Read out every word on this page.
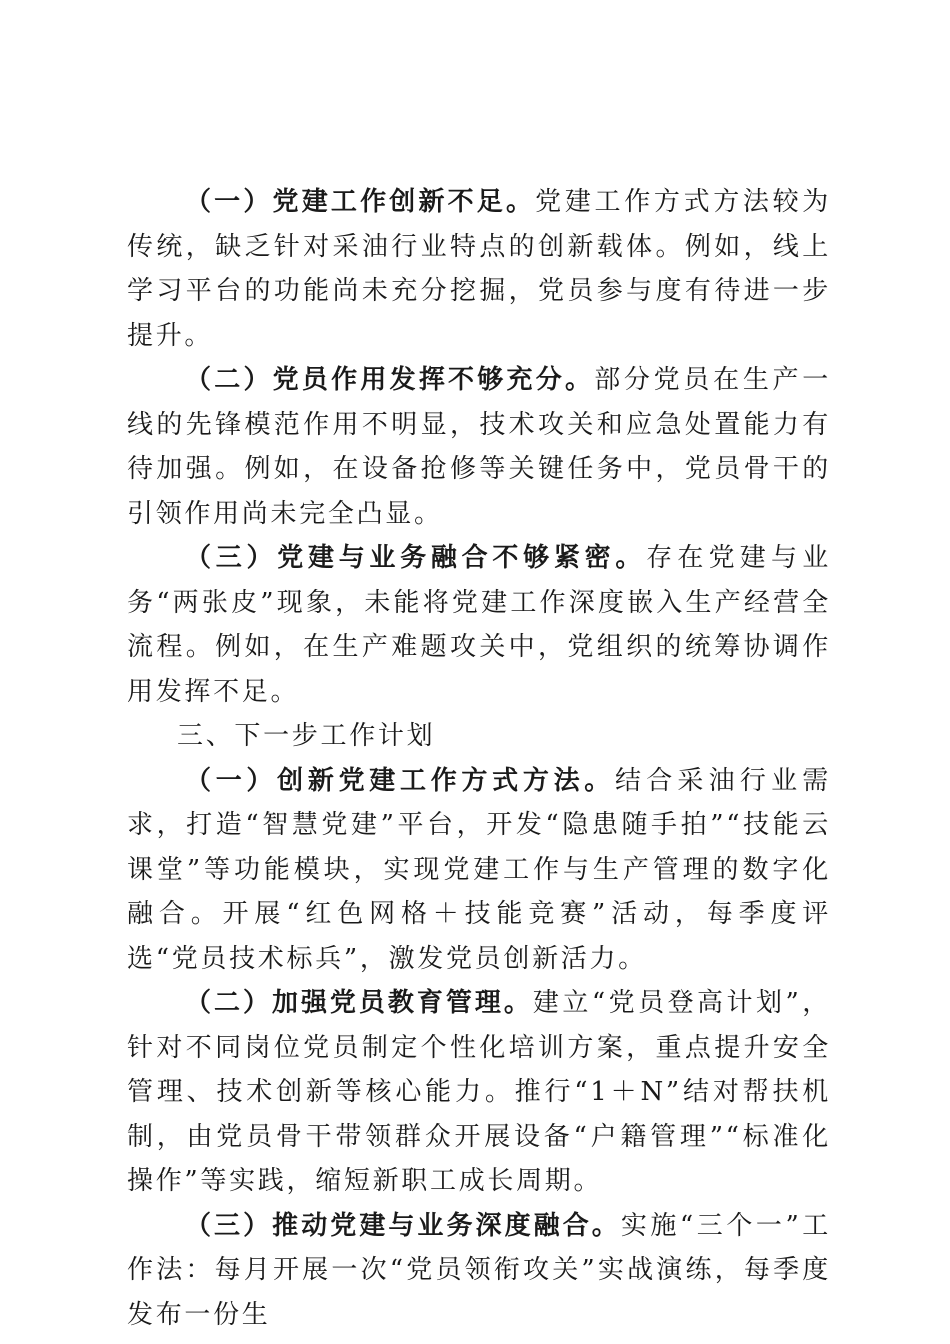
（一）党建工作创新不足。党建工作方式方法较为传统，缺乏针对采油行业特点的创新载体。例如，线上学习平台的功能尚未充分挖掘，党员参与度有待进一步提升。

（二）党员作用发挥不够充分。部分党员在生产一线的先锋模范作用不明显，技术攻关和应急处置能力有待加强。例如，在设备抢修等关键任务中，党员骨干的引领作用尚未完全凸显。

（三）党建与业务融合不够紧密。存在党建与业务“两张皮”现象，未能将党建工作深度嵌入生产经营全流程。例如，在生产难题攻关中，党组织的统筹协调作用发挥不足。

三、下一步工作计划

（一）创新党建工作方式方法。结合采油行业需求，打造“智慧党建”平台，开发“隐患随手拍”“技能云课堂”等功能模块，实现党建工作与生产管理的数字化融合。开展“红色网格＋技能竞赛”活动，每季度评选“党员技术标兵”，激发党员创新活力。

（二）加强党员教育管理。建立“党员登高计划”，针对不同岗位党员制定个性化培训方案，重点提升安全管理、技术创新等核心能力。推行“1＋N”结对帮扶机制，由党员骨干带领群众开展设备“户籍管理”“标准化操作”等实践，缩短新职工成长周期。

（三）推动党建与业务深度融合。实施“三个一”工作法：每月开展一次“党员领衔攻关”实战演练，每季度发布一份生
